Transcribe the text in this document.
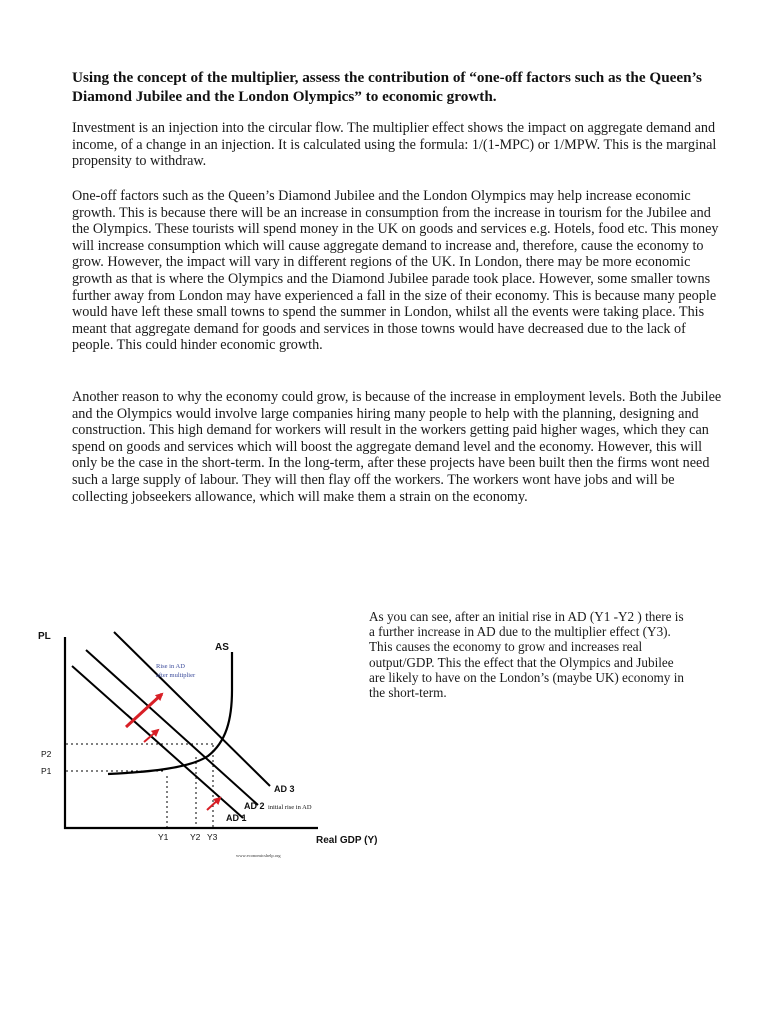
Using the concept of the multiplier, assess the contribution of “one-off factors such as the Queen’s Diamond Jubilee and the London Olympics” to economic growth.

Investment is an injection into the circular flow. The multiplier effect shows the impact on aggregate demand and income, of a change in an injection. It is calculated using the formula: 1/(1-MPC) or 1/MPW. This is the marginal propensity to withdraw.

One-off factors such as the Queen’s Diamond Jubilee and the London Olympics may help increase economic growth. This is because there will be an increase in consumption from the increase in tourism for the Jubilee and the Olympics. These tourists will spend money in the UK on goods and services e.g. Hotels, food etc. This money will increase consumption which will cause aggregate demand to increase and, therefore, cause the economy to grow. However, the impact will vary in different regions of the UK. In London, there may be more economic growth as that is where the Olympics and the Diamond Jubilee parade took place. However, some smaller towns further away from London may have experienced a fall in the size of their economy. This is because many people would have left these small towns to spend the summer in London, whilst all the events were taking place. This meant that aggregate demand for goods and services in those towns would have decreased due to the lack of people. This could hinder economic growth.

Another reason to why the economy could grow, is because of the increase in employment levels. Both the Jubilee and the Olympics would involve large companies hiring many people to help with the planning, designing and construction. This high demand for workers will result in the workers getting paid higher wages, which they can spend on goods and services which will boost the aggregate demand level and the economy. However, this will only be the case in the short-term. In the long-term, after these projects have been built then the firms wont need such a large supply of labour. They will then flay off the workers. The workers wont have jobs and will be collecting jobseekers allowance, which will make them a strain on the economy.

PL
Real GDP (Y)
AS
AD 3
AD 2
AD 1
initial rise in AD
Rise in AD after multiplier
P2
P1
Y1	Y2 Y3
www.economicshelp.org

As you can see, after an initial rise in AD (Y1 -Y2 ) there is a further increase in AD due to the multiplier effect (Y3). This causes the economy to grow and increases real output/GDP. This the effect that the Olympics and Jubilee are likely to have on the London’s (maybe UK) economy in the short-term.
